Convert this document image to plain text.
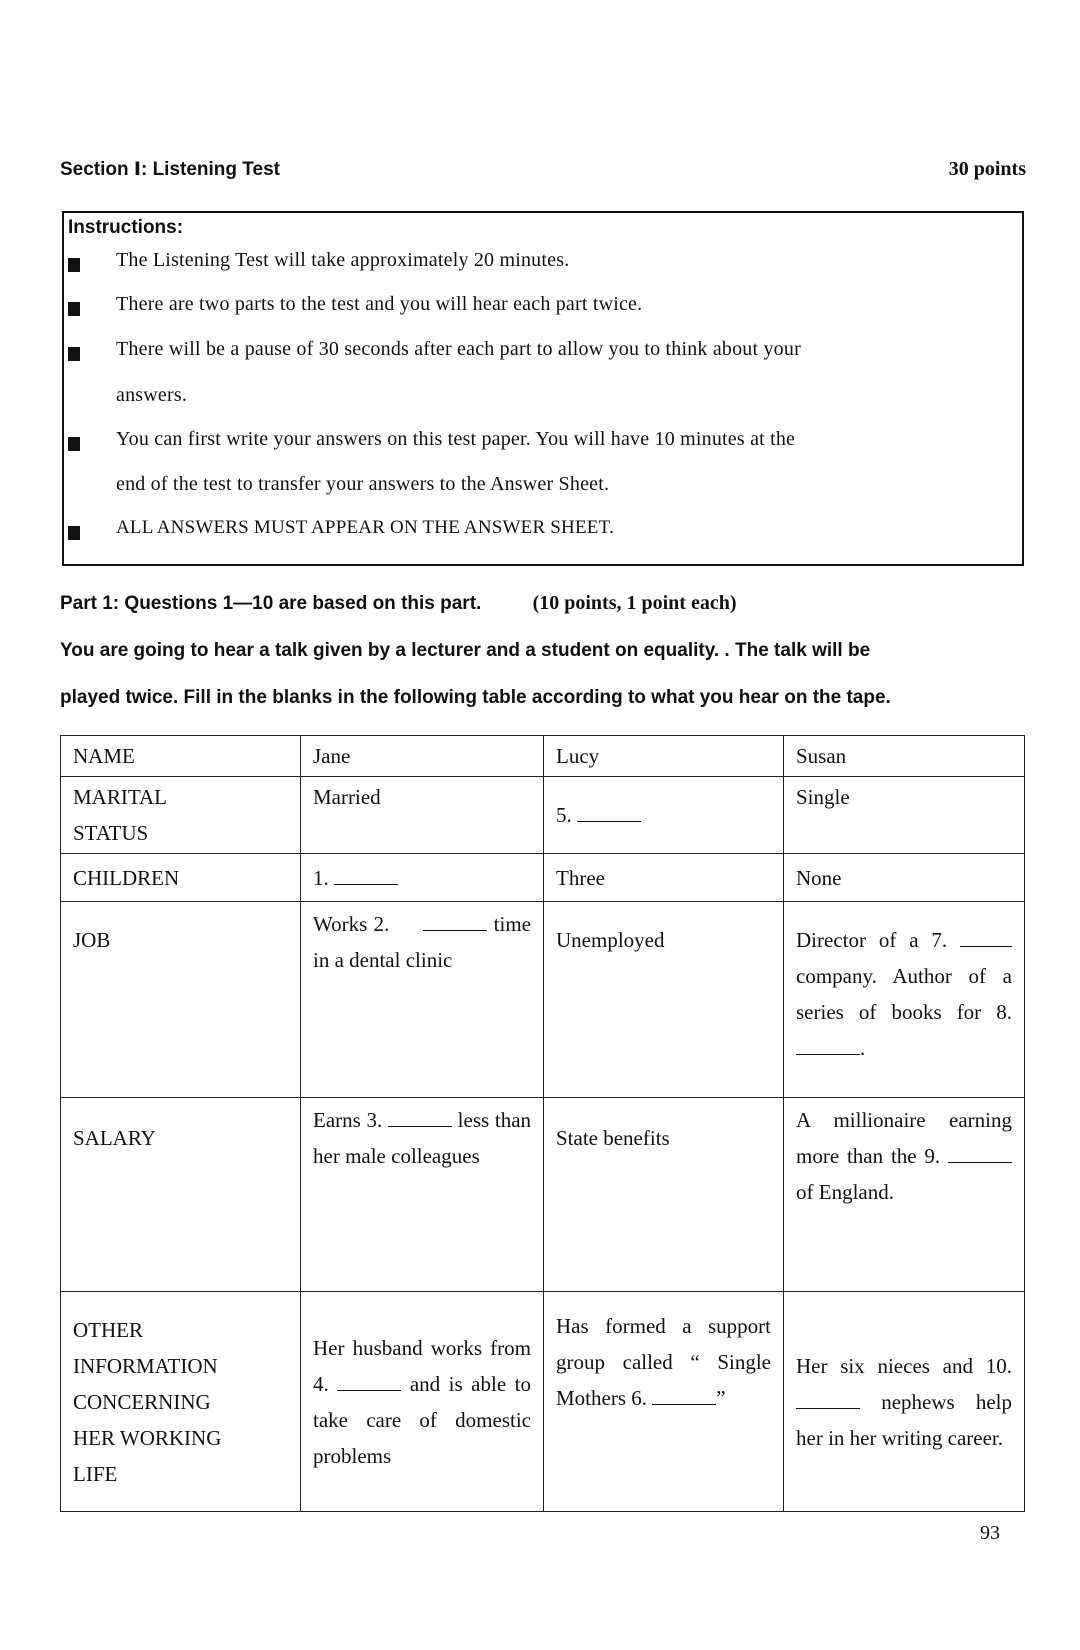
Section Ⅰ: Listening Test	30 points
Instructions:
The Listening Test will take approximately 20 minutes.
There are two parts to the test and you will hear each part twice.
There will be a pause of 30 seconds after each part to allow you to think about your
answers.
You can first write your answers on this test paper. You will have 10 minutes at the
end of the test to transfer your answers to the Answer Sheet.
ALL ANSWERS MUST APPEAR ON THE ANSWER SHEET.
Part 1: Questions 1—10 are based on this part.	(10 points, 1 point each)
You are going to hear a talk given by a lecturer and a student on equality. . The talk will be
played twice. Fill in the blanks in the following table according to what you hear on the tape.
NAME	Jane	Lucy	Susan

MARITAL
STATUS	Married	5.	Single
CHILDREN	1.	Three	None
JOB	Works 2. time in a dental clinic	Unemployed	Director of a 7.  company. Author of a series of books for 8..
SALARY	Earns 3. less than her male colleagues	State benefits	A millionaire earning more than the 9.  of England.

OTHER
INFORMATION
CONCERNING
HER WORKING
LIFE	Her husband works from 4. and is able to take care of domestic problems	Has formed a support group called “ Single Mothers 6. ”	Her six nieces and 10.  nephews help her in her writing career.
93
